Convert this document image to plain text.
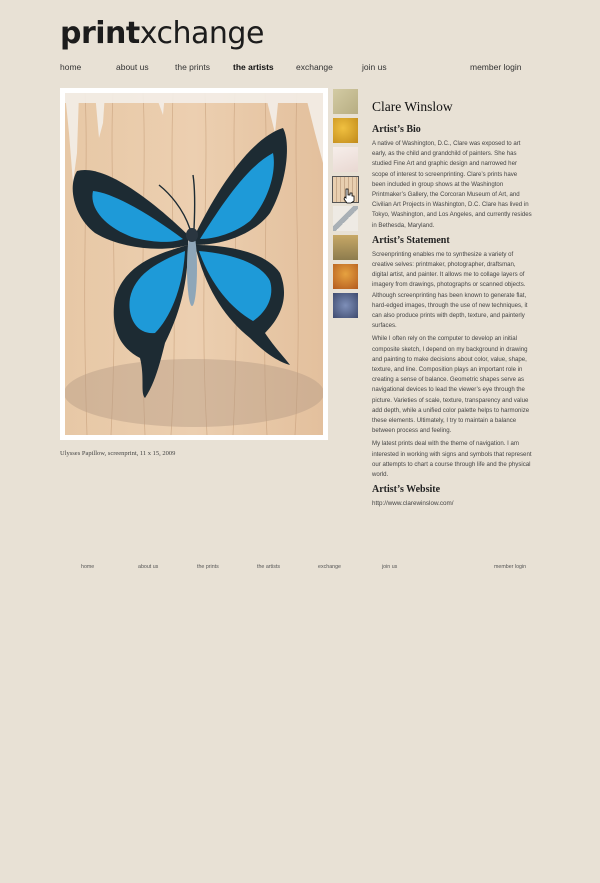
printxchange
home	about us	the prints	the artists	exchange	join us	member login

Ulysses Papillow, screenprint, 11 x 15, 2009

Clare Winslow
Artist’s Bio

A native of Washington, D.C., Clare was exposed to art early, as the child and grandchild of painters. She has studied Fine Art and graphic design and narrowed her scope of interest to screenprinting. Clare’s prints have been included in group shows at the Washington Printmaker’s Gallery, the Corcoran Museum of Art, and Civilian Art Projects in Washington, D.C. Clare has lived in Tokyo, Washington, and Los Angeles, and currently resides in Bethesda, Maryland.

Artist’s Statement

Screenprinting enables me to synthesize a variety of creative selves: printmaker, photographer, draftsman, digital artist, and painter. It allows me to collage layers of imagery from drawings, photographs or scanned objects. Although screenprinting has been known to generate flat, hard-edged images, through the use of new techniques, it can also produce prints with depth, texture, and painterly surfaces.

While I often rely on the computer to develop an initial composite sketch, I depend on my background in drawing and painting to make decisions about color, value, shape, texture, and line. Composition plays an important role in creating a sense of balance. Geometric shapes serve as navigational devices to lead the viewer’s eye through the picture. Varieties of scale, texture, transparency and value add depth, while a unified color palette helps to harmonize these elements. Ultimately, I try to maintain a balance between process and feeling.

My latest prints deal with the theme of navigation. I am interested in working with signs and symbols that represent our attempts to chart a course through life and the physical world.

Artist’s Website
http://www.clarewinslow.com/
home	about us	the prints	the artists	exchange	join us	member login
